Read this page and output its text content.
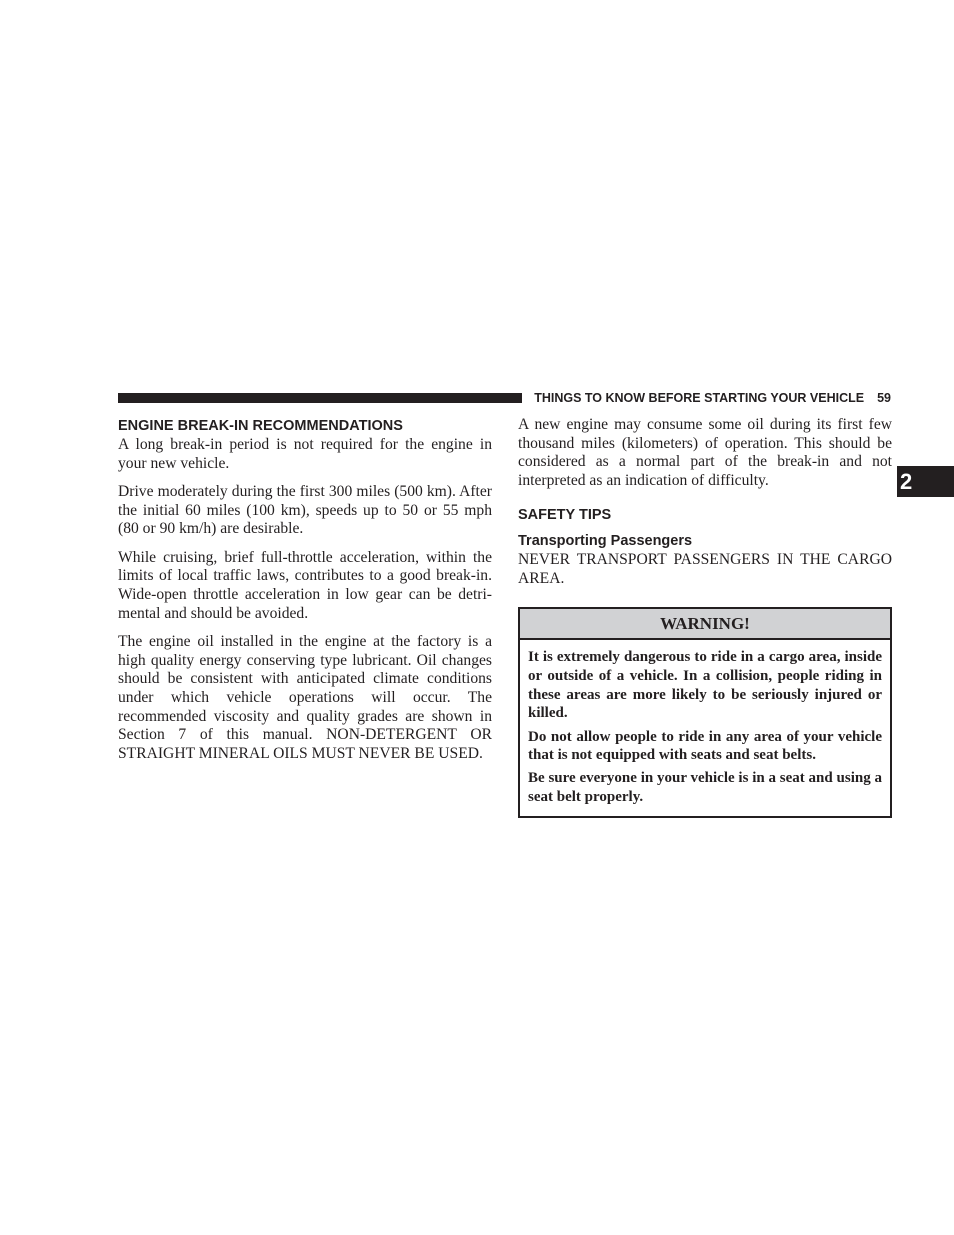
THINGS TO KNOW BEFORE STARTING YOUR VEHICLE 59
2
ENGINE BREAK-IN RECOMMENDATIONS

A long break-in period is not required for the engine in your new vehicle.

Drive moderately during the first 300 miles (500 km). After the initial 60 miles (100 km), speeds up to 50 or 55 mph (80 or 90 km/h) are desirable.

While cruising, brief full-throttle acceleration, within the limits of local traffic laws, contributes to a good break-in. Wide-open throttle acceleration in low gear can be detri-mental and should be avoided.

The engine oil installed in the engine at the factory is a high quality energy conserving type lubricant. Oil changes should be consistent with anticipated climate conditions under which vehicle operations will occur. The recommended viscosity and quality grades are shown in Section 7 of this manual. NON-DETERGENT OR STRAIGHT MINERAL OILS MUST NEVER BE USED.

A new engine may consume some oil during its first few thousand miles (kilometers) of operation. This should be considered as a normal part of the break-in and not interpreted as an indication of difficulty.

SAFETY TIPS
Transporting Passengers

NEVER TRANSPORT PASSENGERS IN THE CARGO AREA.

WARNING!

It is extremely dangerous to ride in a cargo area, inside or outside of a vehicle. In a collision, people riding in these areas are more likely to be seriously injured or killed.

Do not allow people to ride in any area of your vehicle that is not equipped with seats and seat belts.

Be sure everyone in your vehicle is in a seat and using a seat belt properly.
